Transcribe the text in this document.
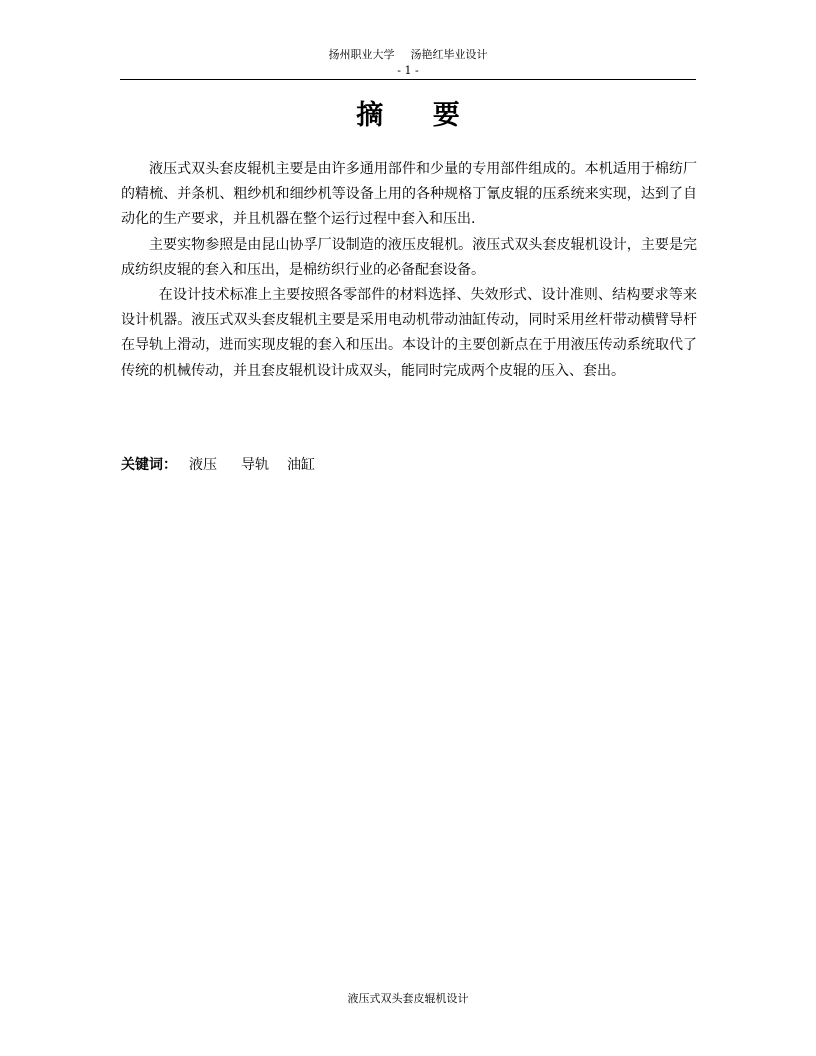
扬州职业大学 汤艳红毕业设计
- 1 -
摘 要

液压式双头套皮辊机主要是由许多通用部件和少量的专用部件组成的。本机适用于棉纺厂的精梳、并条机、粗纱机和细纱机等设备上用的各种规格丁氰皮辊的压系统来实现，达到了自动化的生产要求，并且机器在整个运行过程中套入和压出.

主要实物参照是由昆山协孚厂设制造的液压皮辊机。液压式双头套皮辊机设计，主要是完成纺织皮辊的套入和压出，是棉纺织行业的必备配套设备。

在设计技术标准上主要按照各零部件的材料选择、失效形式、设计准则、结构要求等来设计机器。液压式双头套皮辊机主要是采用电动机带动油缸传动，同时采用丝杆带动横臂导杆在导轨上滑动，进而实现皮辊的套入和压出。本设计的主要创新点在于用液压传动系统取代了传统的机械传动，并且套皮辊机设计成双头，能同时完成两个皮辊的压入、套出。

关键词： 液压 导轨 油缸
液压式双头套皮辊机设计
